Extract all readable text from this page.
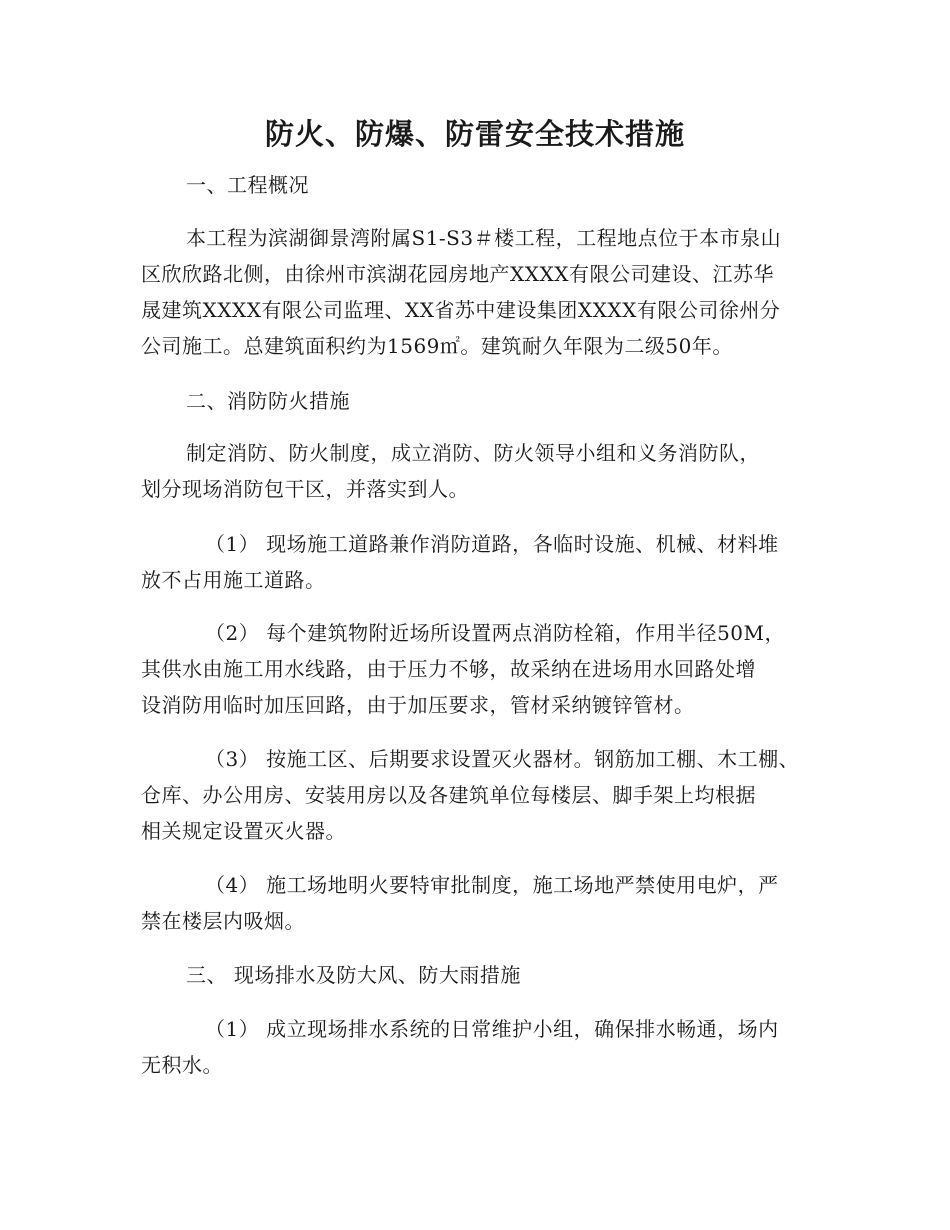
防火、防爆、防雷安全技术措施
一、工程概况
本工程为滨湖御景湾附属S1-S3＃楼工程，工程地点位于本市泉山
区欣欣路北侧，由徐州市滨湖花园房地产XXXX有限公司建设、江苏华
晟建筑XXXX有限公司监理、XX省苏中建设集团XXXX有限公司徐州分
公司施工。总建筑面积约为1569㎡。建筑耐久年限为二级50年。
二、消防防火措施
制定消防、防火制度，成立消防、防火领导小组和义务消防队，
划分现场消防包干区，并落实到人。
（1） 现场施工道路兼作消防道路，各临时设施、机械、材料堆
放不占用施工道路。
（2） 每个建筑物附近场所设置两点消防栓箱，作用半径50M，
其供水由施工用水线路，由于压力不够，故采纳在进场用水回路处增
设消防用临时加压回路，由于加压要求，管材采纳镀锌管材。
（3） 按施工区、后期要求设置灭火器材。钢筋加工棚、木工棚、
仓库、办公用房、安装用房以及各建筑单位每楼层、脚手架上均根据
相关规定设置灭火器。
（4） 施工场地明火要特审批制度，施工场地严禁使用电炉，严
禁在楼层内吸烟。
三、 现场排水及防大风、防大雨措施
（1） 成立现场排水系统的日常维护小组，确保排水畅通，场内
无积水。
